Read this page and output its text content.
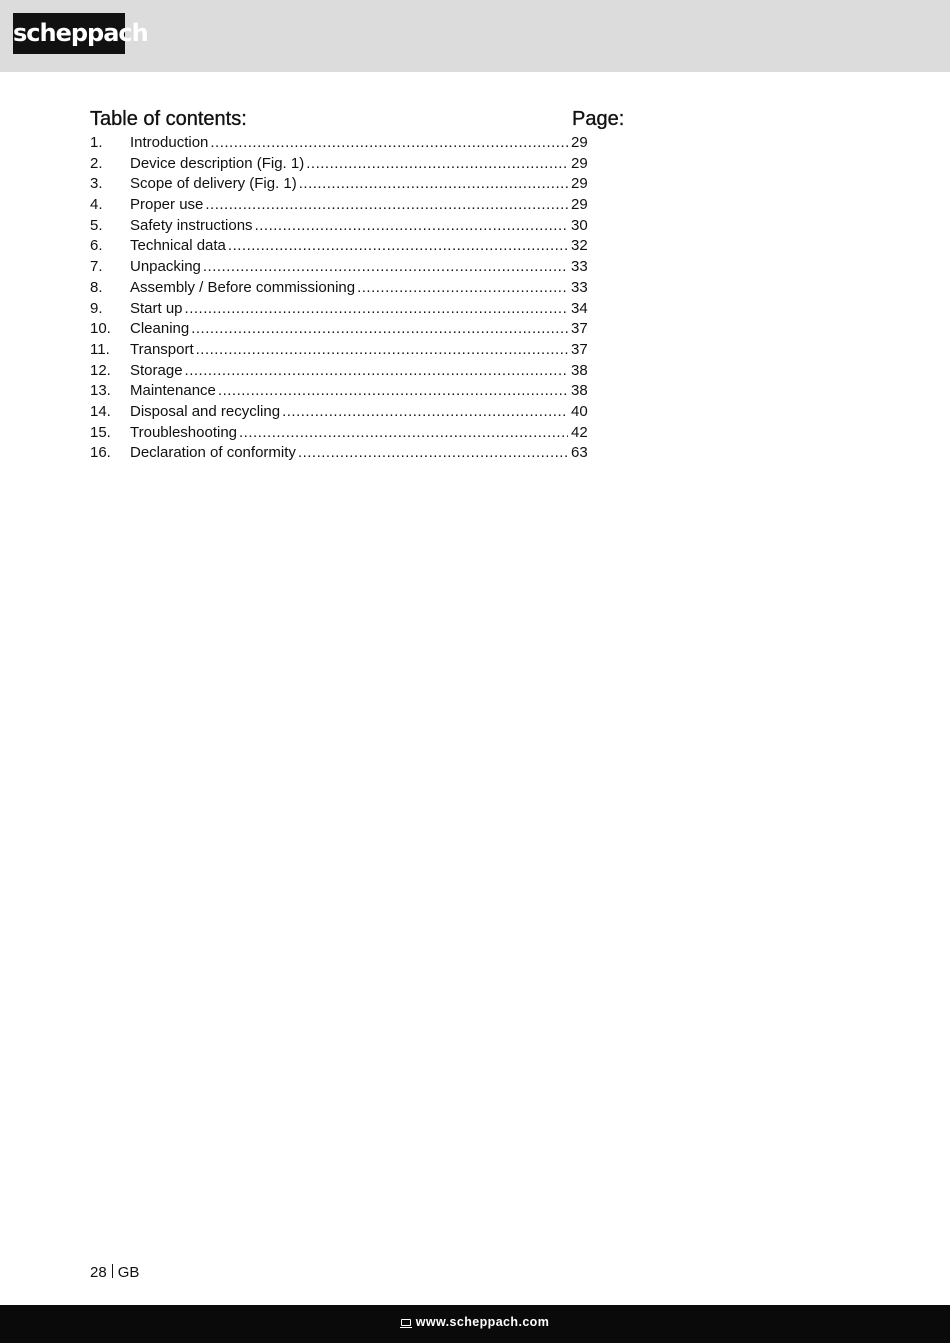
scheppach
Table of contents:	Page:
1.	Introduction .....	29
2.	Device description (Fig. 1) .....	29
3.	Scope of delivery (Fig. 1) .....	29
4.	Proper use .....	29
5.	Safety instructions .....	30
6.	Technical data .....	32
7.	Unpacking .....	33
8.	Assembly / Before commissioning .....	33
9.	Start up .....	34
10.	Cleaning .....	37
11.	Transport .....	37
12.	Storage .....	38
13.	Maintenance .....	38
14.	Disposal and recycling .....	40
15.	Troubleshooting .....	42
16.	Declaration of conformity .....	63
28 GB
www.scheppach.com
